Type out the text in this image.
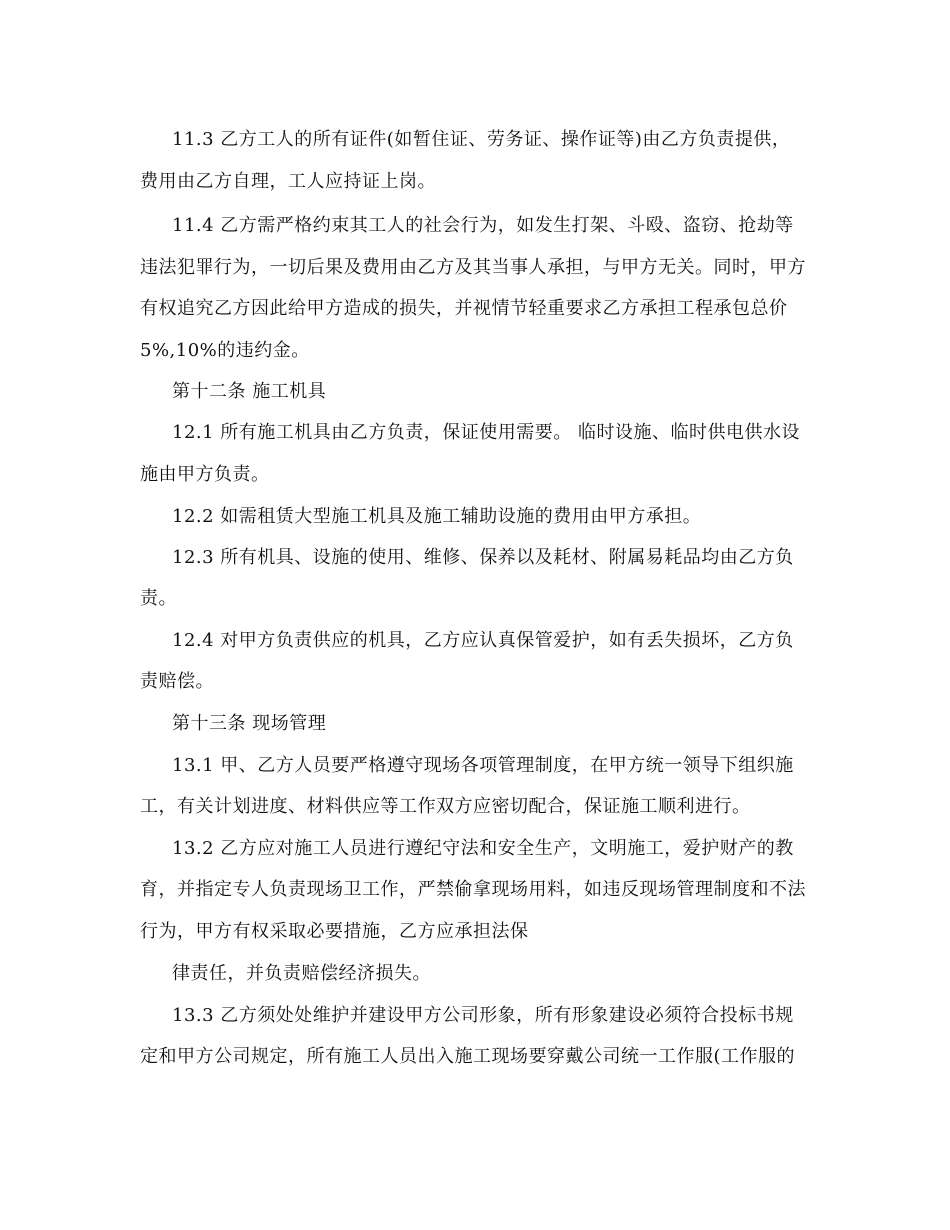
11.3 乙方工人的所有证件(如暂住证、劳务证、操作证等)由乙方负责提供，
费用由乙方自理，工人应持证上岗。
11.4 乙方需严格约束其工人的社会行为，如发生打架、斗殴、盗窃、抢劫等
违法犯罪行为，一切后果及费用由乙方及其当事人承担，与甲方无关。同时，甲方
有权追究乙方因此给甲方造成的损失，并视情节轻重要求乙方承担工程承包总价
5%,10%的违约金。
第十二条 施工机具
12.1 所有施工机具由乙方负责，保证使用需要。 临时设施、临时供电供水设
施由甲方负责。
12.2 如需租赁大型施工机具及施工辅助设施的费用由甲方承担。
12.3 所有机具、设施的使用、维修、保养以及耗材、附属易耗品均由乙方负
责。
12.4 对甲方负责供应的机具，乙方应认真保管爱护，如有丢失损坏，乙方负
责赔偿。
第十三条 现场管理
13.1 甲、乙方人员要严格遵守现场各项管理制度，在甲方统一领导下组织施
工，有关计划进度、材料供应等工作双方应密切配合，保证施工顺利进行。
13.2 乙方应对施工人员进行遵纪守法和安全生产，文明施工，爱护财产的教
育，并指定专人负责现场卫工作，严禁偷拿现场用料，如违反现场管理制度和不法
行为，甲方有权采取必要措施，乙方应承担法保
律责任，并负责赔偿经济损失。
13.3 乙方须处处维护并建设甲方公司形象，所有形象建设必须符合投标书规
定和甲方公司规定，所有施工人员出入施工现场要穿戴公司统一工作服(工作服的
